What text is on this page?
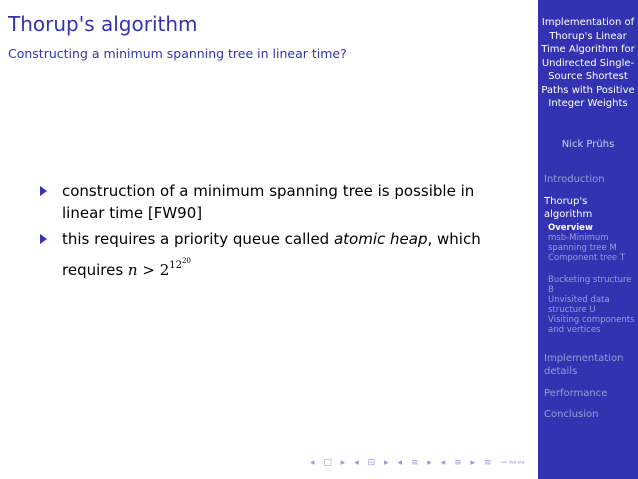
Thorup's algorithm
Constructing a minimum spanning tree in linear time?
construction of a minimum spanning tree is possible in linear time [FW90]
this requires a priority queue called atomic heap, which requires $n > 2^{12^{20}}$
◂ □ ▸ ◂ ⊟ ▸ ◂ ≡ ▸ ◂ ≡ ▸ ≡ ∽∾∾
Implementation of Thorup's Linear Time Algorithm for Undirected Single-Source Shortest Paths with Positive Integer Weights
Nick Prühs
Introduction
Thorup's algorithm
Overview
msb-Minimum spanning tree M
Component tree T
Bucketing structure B
Unvisited data structure U
Visiting components and vertices
Implementation details
Performance
Conclusion
